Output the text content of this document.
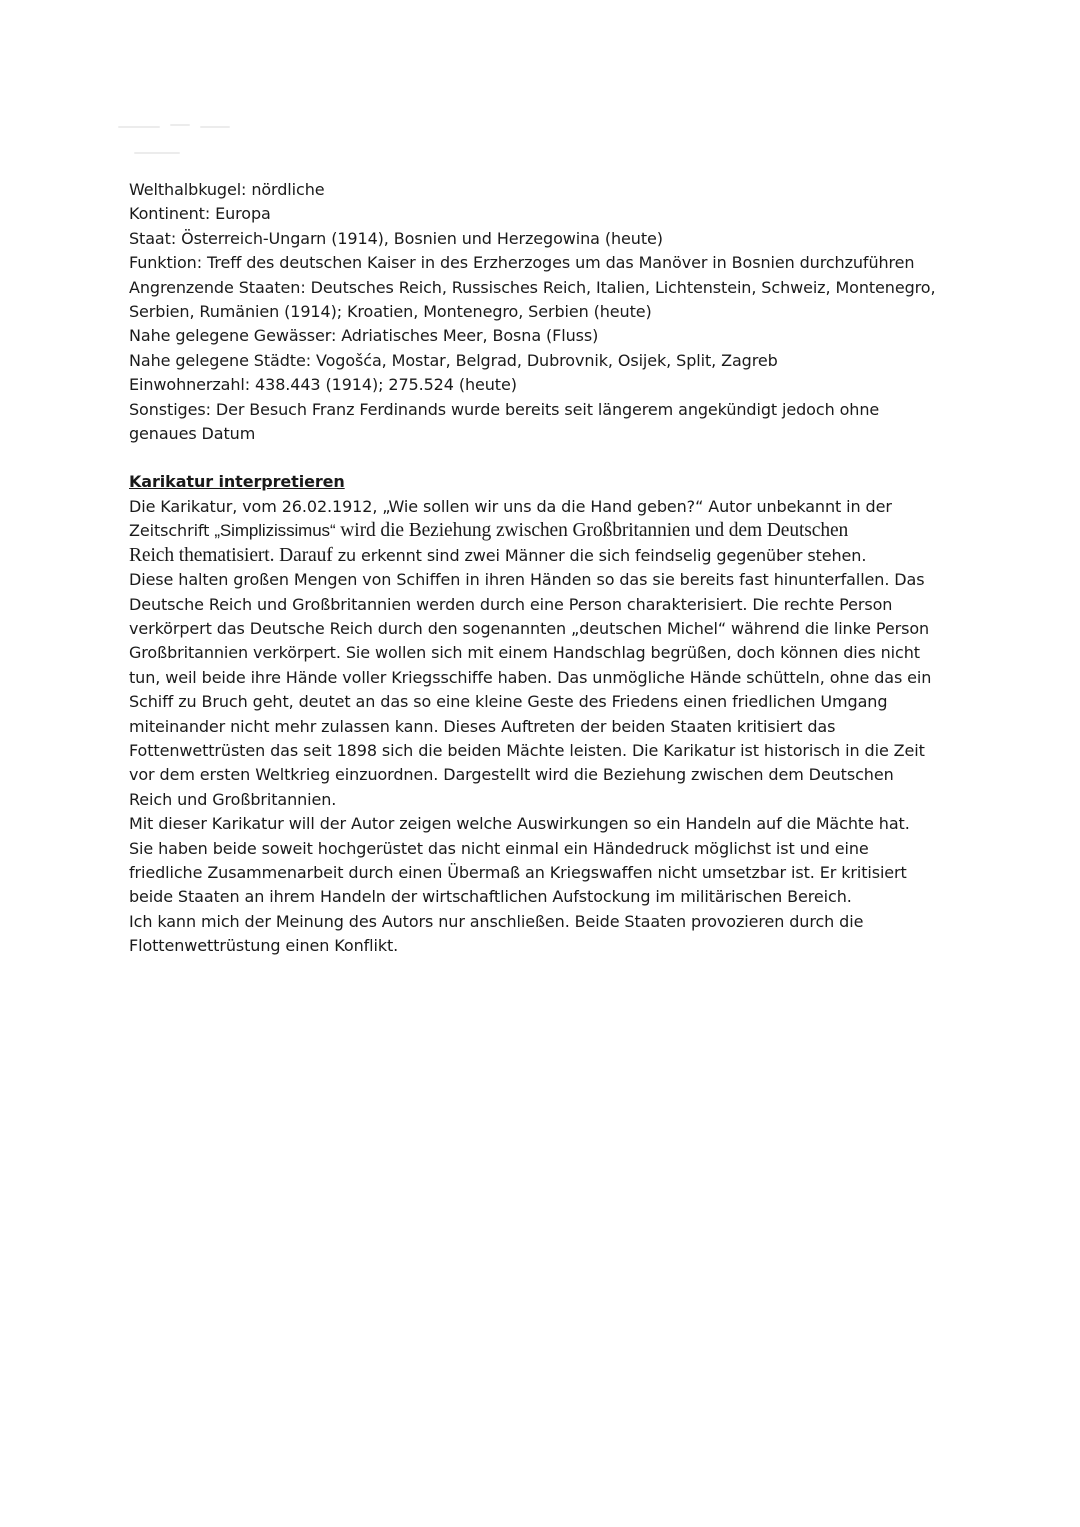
Welthalbkugel: nördliche
Kontinent: Europa
Staat: Österreich-Ungarn (1914), Bosnien und Herzegowina (heute)
Funktion: Treff des deutschen Kaiser in des Erzherzoges um das Manöver in Bosnien durchzuführen
Angrenzende Staaten: Deutsches Reich, Russisches Reich, Italien, Lichtenstein, Schweiz, Montenegro,
Serbien, Rumänien (1914); Kroatien, Montenegro, Serbien (heute)
Nahe gelegene Gewässer: Adriatisches Meer, Bosna (Fluss)
Nahe gelegene Städte: Vogošća, Mostar, Belgrad, Dubrovnik, Osijek, Split, Zagreb
Einwohnerzahl: 438.443 (1914); 275.524 (heute)
Sonstiges: Der Besuch Franz Ferdinands wurde bereits seit längerem angekündigt jedoch ohne
genaues Datum
Karikatur interpretieren
Die Karikatur, vom 26.02.1912, „Wie sollen wir uns da die Hand geben?“ Autor unbekannt in der
Zeitschrift „Simplizissimus“ wird die Beziehung zwischen Großbritannien und dem Deutschen
Reich thematisiert. Darauf zu erkennt sind zwei Männer die sich feindselig gegenüber stehen.
Diese halten großen Mengen von Schiffen in ihren Händen so das sie bereits fast hinunterfallen. Das
Deutsche Reich und Großbritannien werden durch eine Person charakterisiert. Die rechte Person
verkörpert das Deutsche Reich durch den sogenannten „deutschen Michel“ während die linke Person
Großbritannien verkörpert. Sie wollen sich mit einem Handschlag begrüßen, doch können dies nicht
tun, weil beide ihre Hände voller Kriegsschiffe haben. Das unmögliche Hände schütteln, ohne das ein
Schiff zu Bruch geht, deutet an das so eine kleine Geste des Friedens einen friedlichen Umgang
miteinander nicht mehr zulassen kann. Dieses Auftreten der beiden Staaten kritisiert das
Fottenwettrüsten das seit 1898 sich die beiden Mächte leisten. Die Karikatur ist historisch in die Zeit
vor dem ersten Weltkrieg einzuordnen. Dargestellt wird die Beziehung zwischen dem Deutschen
Reich und Großbritannien.
Mit dieser Karikatur will der Autor zeigen welche Auswirkungen so ein Handeln auf die Mächte hat.
Sie haben beide soweit hochgerüstet das nicht einmal ein Händedruck möglichst ist und eine
friedliche Zusammenarbeit durch einen Übermaß an Kriegswaffen nicht umsetzbar ist. Er kritisiert
beide Staaten an ihrem Handeln der wirtschaftlichen Aufstockung im militärischen Bereich.
Ich kann mich der Meinung des Autors nur anschließen. Beide Staaten provozieren durch die
Flottenwettrüstung einen Konflikt.
